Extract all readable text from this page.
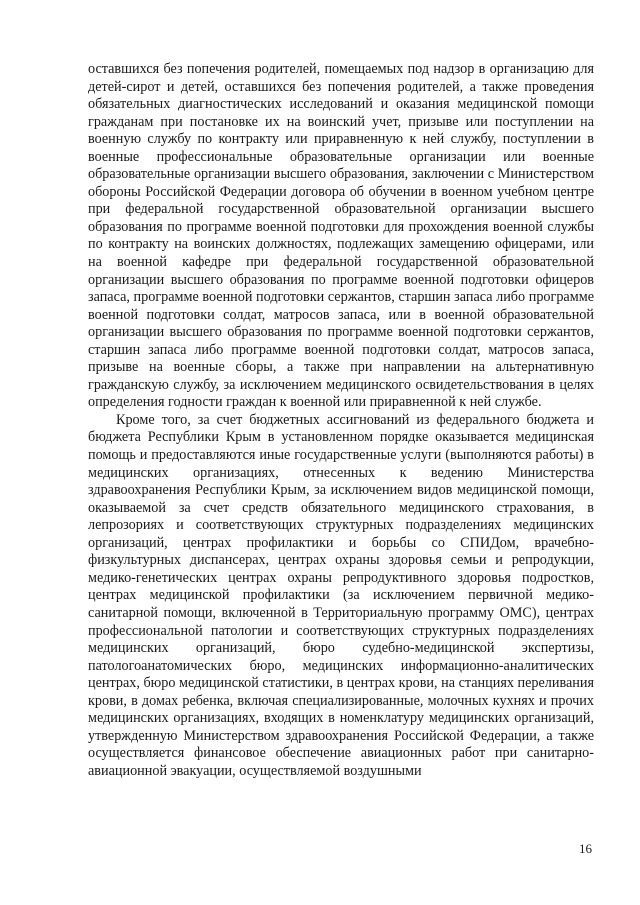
оставшихся без попечения родителей, помещаемых под надзор в организацию для детей-сирот и детей, оставшихся без попечения родителей, а также проведения обязательных диагностических исследований и оказания медицинской помощи гражданам при постановке их на воинский учет, призыве или поступлении на военную службу по контракту или приравненную к ней службу, поступлении в военные профессиональные образовательные организации или военные образовательные организации высшего образования, заключении с Министерством обороны Российской Федерации договора об обучении в военном учебном центре при федеральной государственной образовательной организации высшего образования по программе военной подготовки для прохождения военной службы по контракту на воинских должностях, подлежащих замещению офицерами, или на военной кафедре при федеральной государственной образовательной организации высшего образования по программе военной подготовки офицеров запаса, программе военной подготовки сержантов, старшин запаса либо программе военной подготовки солдат, матросов запаса, или в военной образовательной организации высшего образования по программе военной подготовки сержантов, старшин запаса либо программе военной подготовки солдат, матросов запаса, призыве на военные сборы, а также при направлении на альтернативную гражданскую службу, за исключением медицинского освидетельствования в целях определения годности граждан к военной или приравненной к ней службе.

Кроме того, за счет бюджетных ассигнований из федерального бюджета и бюджета Республики Крым в установленном порядке оказывается медицинская помощь и предоставляются иные государственные услуги (выполняются работы) в медицинских организациях, отнесенных к ведению Министерства здравоохранения Республики Крым, за исключением видов медицинской помощи, оказываемой за счет средств обязательного медицинского страхования, в лепрозориях и соответствующих структурных подразделениях медицинских организаций, центрах профилактики и борьбы со СПИДом, врачебно-физкультурных диспансерах, центрах охраны здоровья семьи и репродукции, медико-генетических центрах охраны репродуктивного здоровья подростков, центрах медицинской профилактики (за исключением первичной медико-санитарной помощи, включенной в Территориальную программу ОМС), центрах профессиональной патологии и соответствующих структурных подразделениях медицинских организаций, бюро судебно-медицинской экспертизы, патологоанатомических бюро, медицинских информационно-аналитических центрах, бюро медицинской статистики, в центрах крови, на станциях переливания крови, в домах ребенка, включая специализированные, молочных кухнях и прочих медицинских организациях, входящих в номенклатуру медицинских организаций, утвержденную Министерством здравоохранения Российской Федерации, а также осуществляется финансовое обеспечение авиационных работ при санитарно-авиационной эвакуации, осуществляемой воздушными

16
